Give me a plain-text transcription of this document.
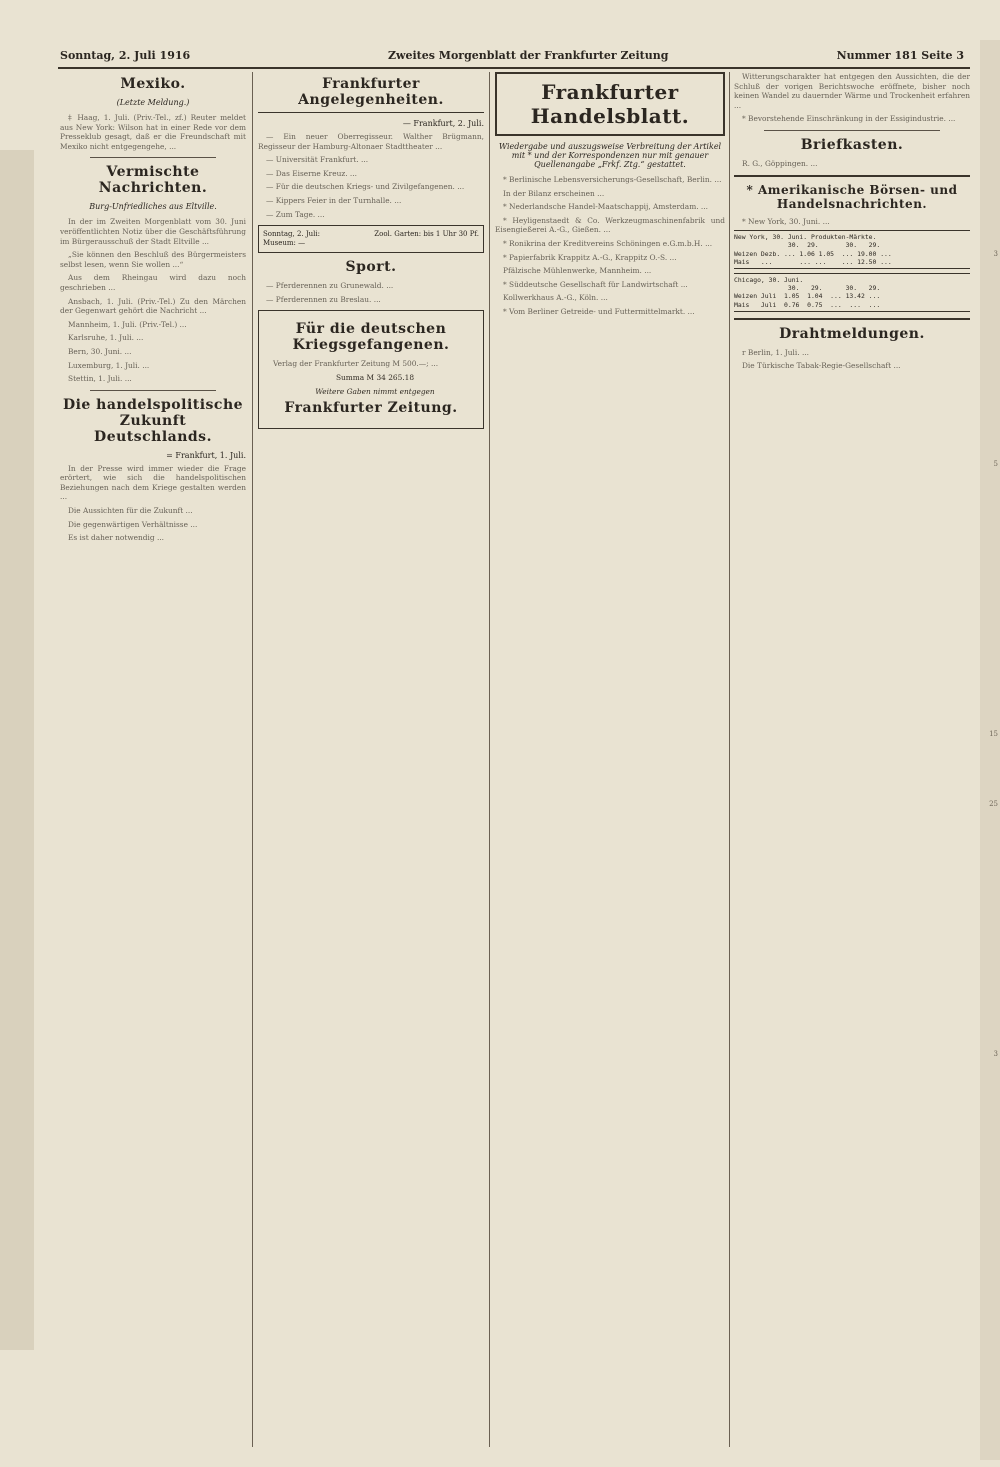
3
5
15
25
3
Sonntag, 2. Juli 1916	Zweites Morgenblatt der Frankfurter Zeitung	Nummer 181 Seite 3
Mexiko.
(Letzte Meldung.)
‡ Haag, 1. Juli. (Priv.-Tel., zf.) Reuter meldet aus New York: Wilson hat in einer Rede vor dem Presseklub gesagt, daß er die Freundschaft mit Mexiko nicht entgegengehe, ...
Vermischte Nachrichten.
Burg-Unfriedliches aus Eltville.
In der im Zweiten Morgenblatt vom 30. Juni veröffentlichten Notiz über die Geschäftsführung im Bürgerausschuß der Stadt Eltville ...
„Sie können den Beschluß des Bürgermeisters selbst lesen, wenn Sie wollen ...“
Aus dem Rheingau wird dazu noch geschrieben ...
Ansbach, 1. Juli. (Priv.-Tel.) Zu den Märchen der Gegenwart gehört die Nachricht ...
Mannheim, 1. Juli. (Priv.-Tel.) ...
Karlsruhe, 1. Juli. ...
Bern, 30. Juni. ...
Luxemburg, 1. Juli. ...
Stettin, 1. Juli. ...
Die handelspolitische Zukunft Deutschlands.
= Frankfurt, 1. Juli.
In der Presse wird immer wieder die Frage erörtert, wie sich die handelspolitischen Beziehungen nach dem Kriege gestalten werden ...
Die Aussichten für die Zukunft ...
Die gegenwärtigen Verhältnisse ...
Es ist daher notwendig ...
Frankfurter Angelegenheiten.
— Frankfurt, 2. Juli.
— Ein neuer Oberregisseur. Walther Brügmann, Regisseur der Hamburg-Altonaer Stadttheater ...
— Universität Frankfurt. ...
— Das Eiserne Kreuz. ...
— Für die deutschen Kriegs- und Zivilgefangenen. ...
— Kippers Feier in der Turnhalle. ...
— Zum Tage. ...
Sonntag, 2. Juli:	Zool. Garten: bis 1 Uhr 30 Pf.
Museum: —
Sport.
— Pferderennen zu Grunewald. ...
— Pferderennen zu Breslau. ...
Für die deutschen Kriegsgefangenen.
Verlag der Frankfurter Zeitung M 500.—; ...
Summa M 34 265.18
Weitere Gaben nimmt entgegen
Frankfurter Zeitung.
Frankfurter Handelsblatt.
Wiedergabe und auszugsweise Verbreitung der Artikel mit * und der Korrespondenzen nur mit genauer Quellenangabe „Frkf. Ztg.“ gestattet.
* Berlinische Lebensversicherungs-Gesellschaft, Berlin. ...
In der Bilanz erscheinen ...
* Nederlandsche Handel-Maatschappij, Amsterdam. ...
* Heyligenstaedt & Co. Werkzeugmaschinenfabrik und Eisengießerei A.-G., Gießen. ...
* Ronikrina der Kreditvereins Schöningen e.G.m.b.H. ...
* Papierfabrik Krappitz A.-G., Krappitz O.-S. ...
Pfälzische Mühlenwerke, Mannheim. ...
* Süddeutsche Gesellschaft für Landwirtschaft ...
Kollwerkhaus A.-G., Köln. ...
* Vom Berliner Getreide- und Futtermittelmarkt. ...
Witterungscharakter hat entgegen den Aussichten, die der Schluß der vorigen Berichtswoche eröffnete, bisher noch keinen Wandel zu dauernder Wärme und Trockenheit erfahren ...
* Bevorstehende Einschränkung in der Essigindustrie. ...
Briefkasten.
R. G., Göppingen. ...
* Amerikanische Börsen- und Handelsnachrichten.
* New York, 30. Juni. ...
New York, 30. Juni. Produkten-Märkte.
30.  29.       30.   29.
Weizen Dezb. ... 1.06 1.05  ... 19.00 ...
Mais   ...       ... ...    ... 12.50 ...
Chicago, 30. Juni.
30.   29.      30.   29.
Weizen Juli  1.05  1.04  ... 13.42 ...
Mais   Juli  0.76  0.75  ...  ...  ...
Drahtmeldungen.
r Berlin, 1. Juli. ...
Die Türkische Tabak-Regie-Gesellschaft ...
